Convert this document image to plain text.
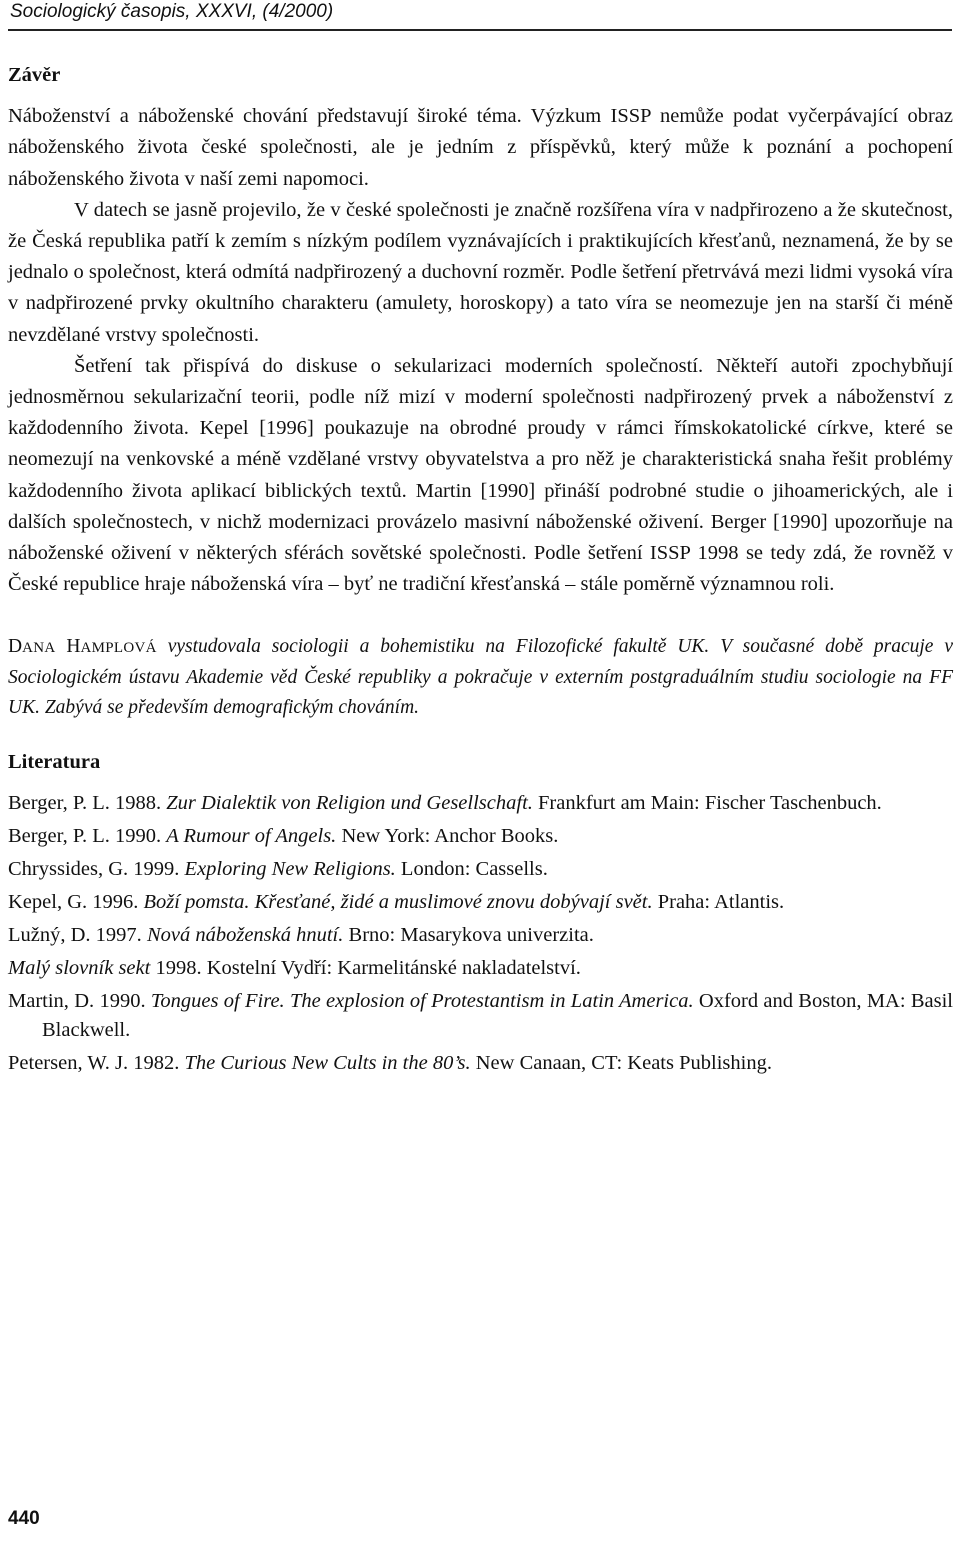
Sociologický časopis, XXXVI, (4/2000)
Závěr

Náboženství a náboženské chování představují široké téma. Výzkum ISSP nemůže podat vyčerpávající obraz náboženského života české společnosti, ale je jedním z příspěvků, který může k poznání a pochopení náboženského života v naší zemi napomoci.

V datech se jasně projevilo, že v české společnosti je značně rozšířena víra v nadpřirozeno a že skutečnost, že Česká republika patří k zemím s nízkým podílem vyznávajících i praktikujících křesťanů, neznamená, že by se jednalo o společnost, která odmítá nadpřirozený a duchovní rozměr. Podle šetření přetrvává mezi lidmi vysoká víra v nadpřirozené prvky okultního charakteru (amulety, horoskopy) a tato víra se neomezuje jen na starší či méně nevzdělané vrstvy společnosti.

Šetření tak přispívá do diskuse o sekularizaci moderních společností. Někteří autoři zpochybňují jednosměrnou sekularizační teorii, podle níž mizí v moderní společnosti nadpřirozený prvek a náboženství z každodenního života. Kepel [1996] poukazuje na obrodné proudy v rámci římskokatolické církve, které se neomezují na venkovské a méně vzdělané vrstvy obyvatelstva a pro něž je charakteristická snaha řešit problémy každodenního života aplikací biblických textů. Martin [1990] přináší podrobné studie o jihoamerických, ale i dalších společnostech, v nichž modernizaci provázelo masivní náboženské oživení. Berger [1990] upozorňuje na náboženské oživení v některých sférách sovětské společnosti. Podle šetření ISSP 1998 se tedy zdá, že rovněž v České republice hraje náboženská víra – byť ne tradiční křesťanská – stále poměrně významnou roli.

DANA HAMPLOVÁ vystudovala sociologii a bohemistiku na Filozofické fakultě UK. V současné době pracuje v Sociologickém ústavu Akademie věd České republiky a pokračuje v externím postgraduálním studiu sociologie na FF UK. Zabývá se především demografickým chováním.
Literatura

Berger, P. L. 1988. Zur Dialektik von Religion und Gesellschaft. Frankfurt am Main: Fischer Taschenbuch.

Berger, P. L. 1990. A Rumour of Angels. New York: Anchor Books.

Chryssides, G. 1999. Exploring New Religions. London: Cassells.

Kepel, G. 1996. Boží pomsta. Křesťané, židé a muslimové znovu dobývají svět. Praha: Atlantis.

Lužný, D. 1997. Nová náboženská hnutí. Brno: Masarykova univerzita.

Malý slovník sekt 1998. Kostelní Vydří: Karmelitánské nakladatelství.

Martin, D. 1990. Tongues of Fire. The explosion of Protestantism in Latin America. Oxford and Boston, MA: Basil Blackwell.

Petersen, W. J. 1982. The Curious New Cults in the 80’s. New Canaan, CT: Keats Publishing.

440
